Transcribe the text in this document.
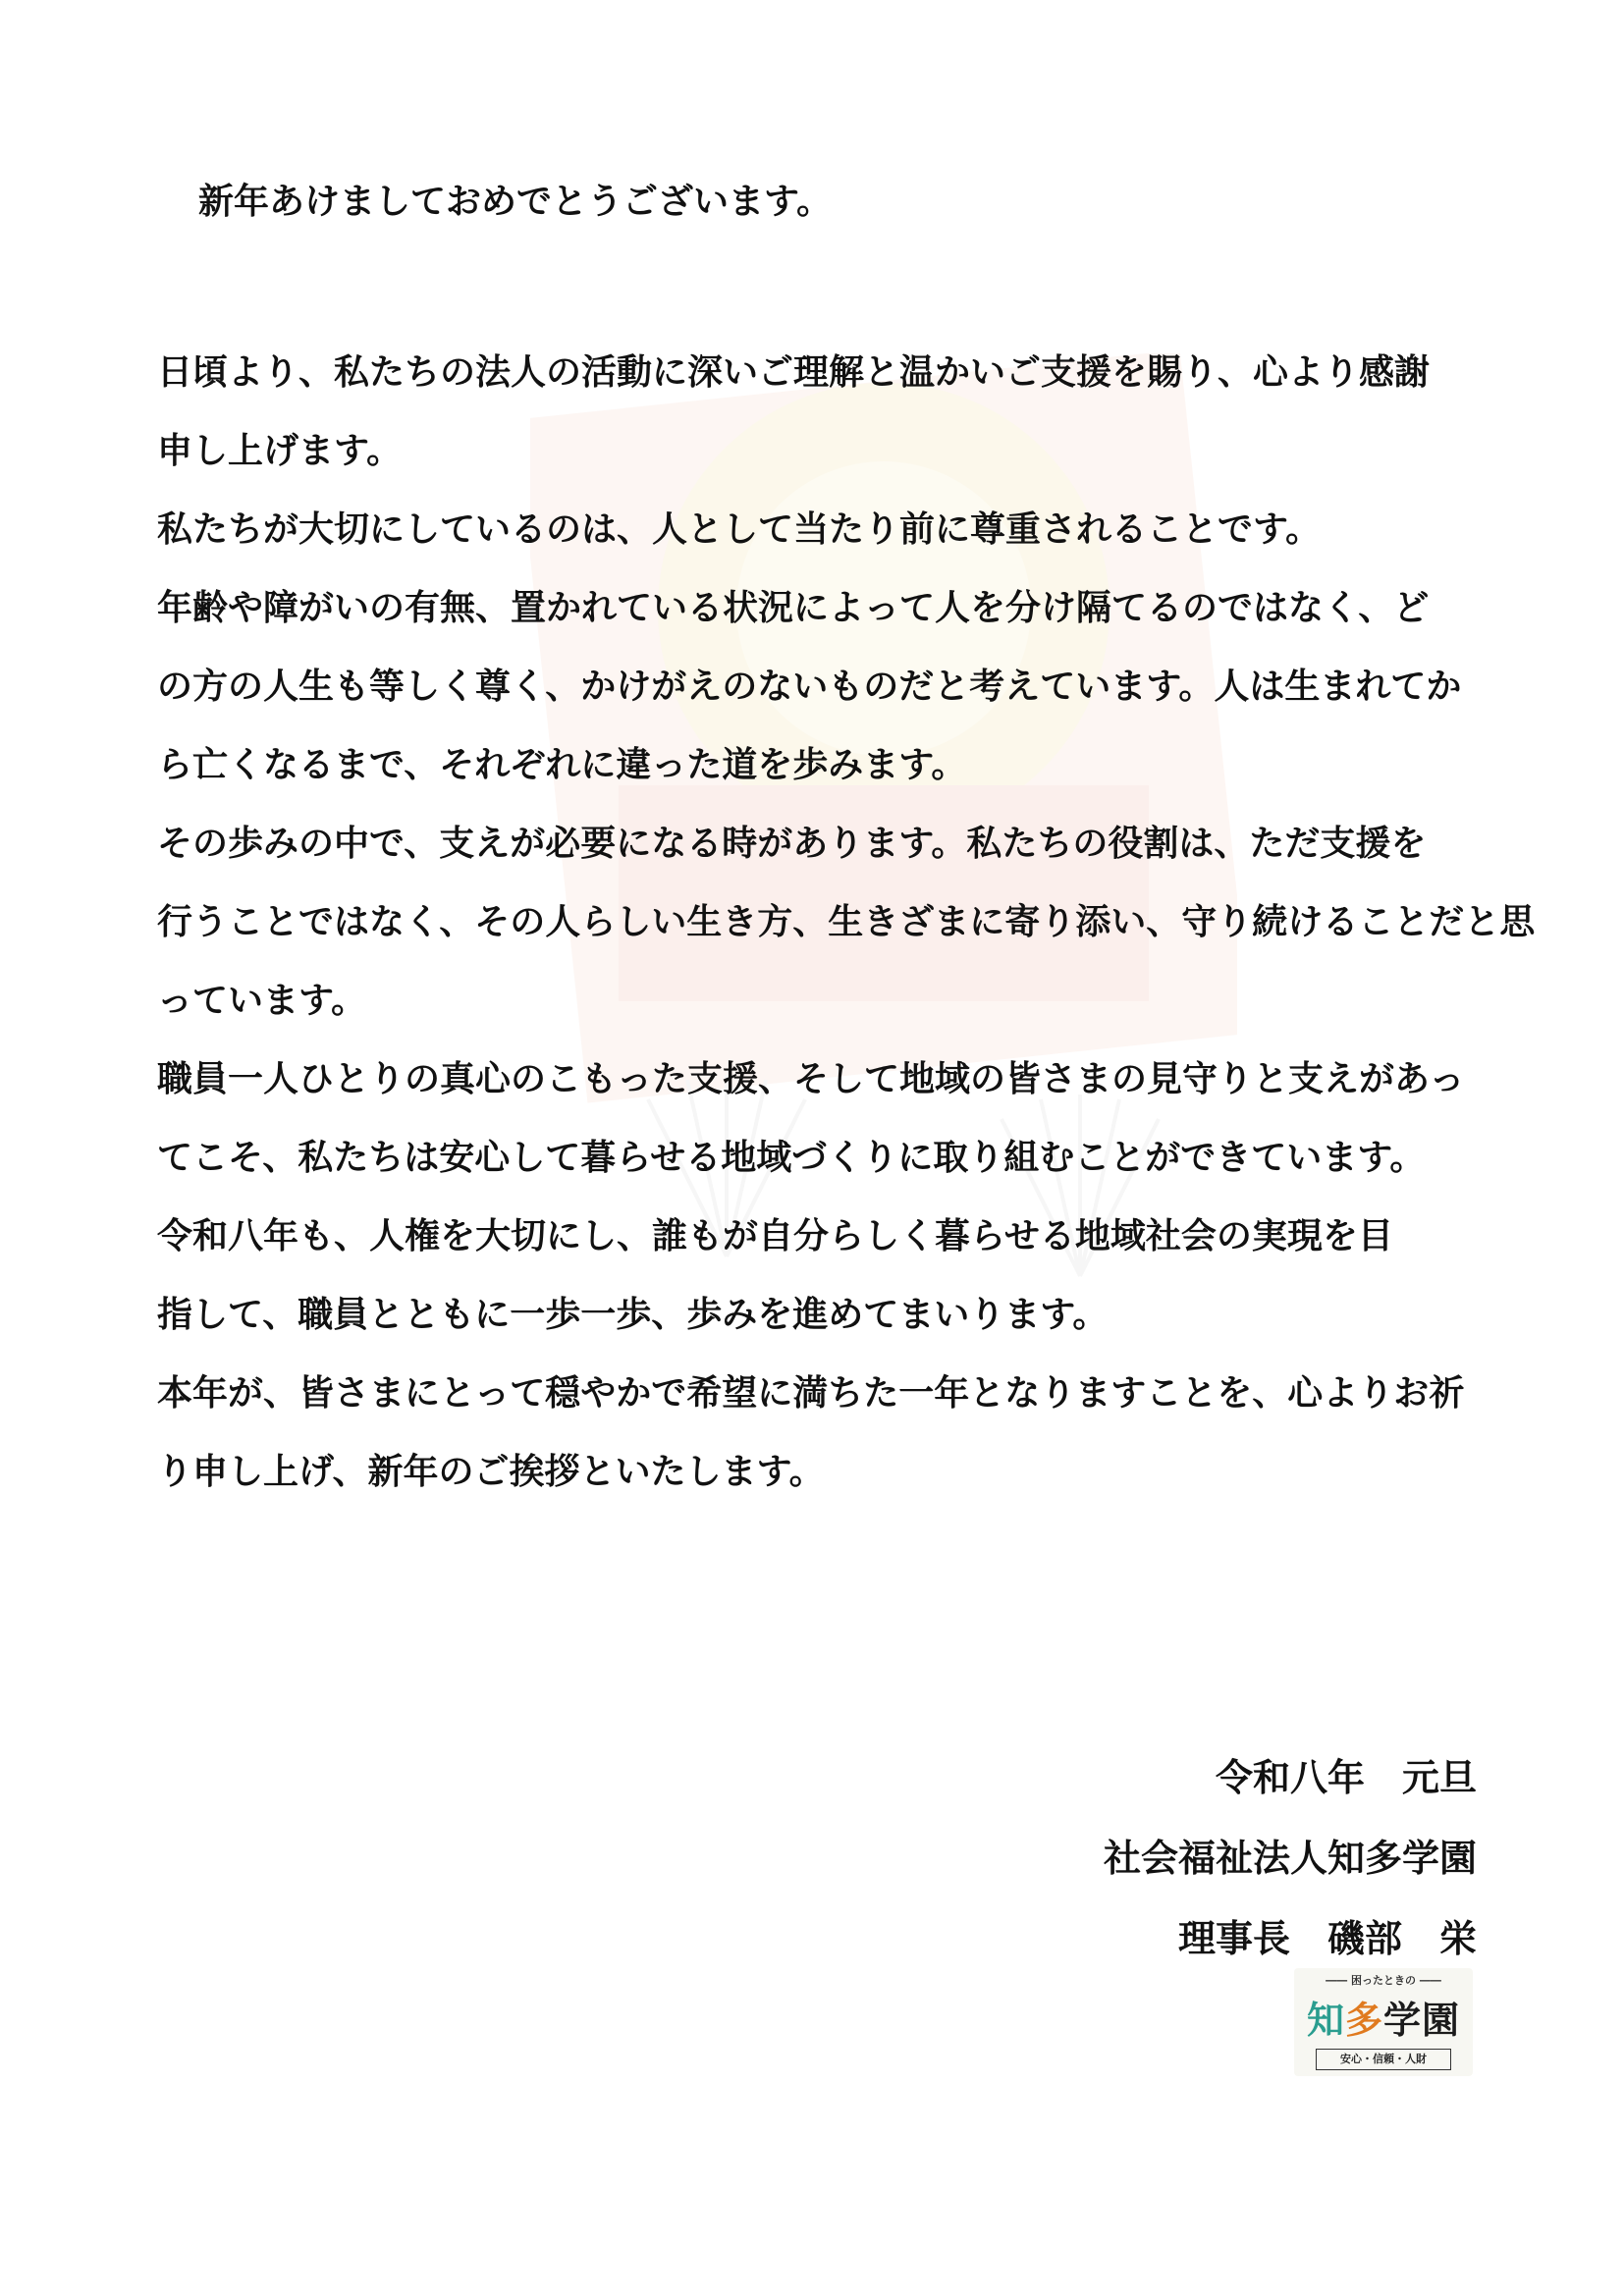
新年あけましておめでとうございます。
日頃より、私たちの法人の活動に深いご理解と温かいご支援を賜り、心より感謝
申し上げます。
私たちが大切にしているのは、人として当たり前に尊重されることです。
年齢や障がいの有無、置かれている状況によって人を分け隔てるのではなく、ど
の方の人生も等しく尊く、かけがえのないものだと考えています。人は生まれてか
ら亡くなるまで、それぞれに違った道を歩みます。
その歩みの中で、支えが必要になる時があります。私たちの役割は、ただ支援を
行うことではなく、その人らしい生き方、生きざまに寄り添い、守り続けることだと思
っています。
職員一人ひとりの真心のこもった支援、そして地域の皆さまの見守りと支えがあっ
てこそ、私たちは安心して暮らせる地域づくりに取り組むことができています。
令和八年も、人権を大切にし、誰もが自分らしく暮らせる地域社会の実現を目
指して、職員とともに一歩一歩、歩みを進めてまいります。
本年が、皆さまにとって穏やかで希望に満ちた一年となりますことを、心よりお祈
り申し上げ、新年のご挨拶といたします。
令和八年　元旦
社会福祉法人知多学園
理事長　磯部　栄
―― 困ったときの ――
知多学園
安心・信頼・人財
